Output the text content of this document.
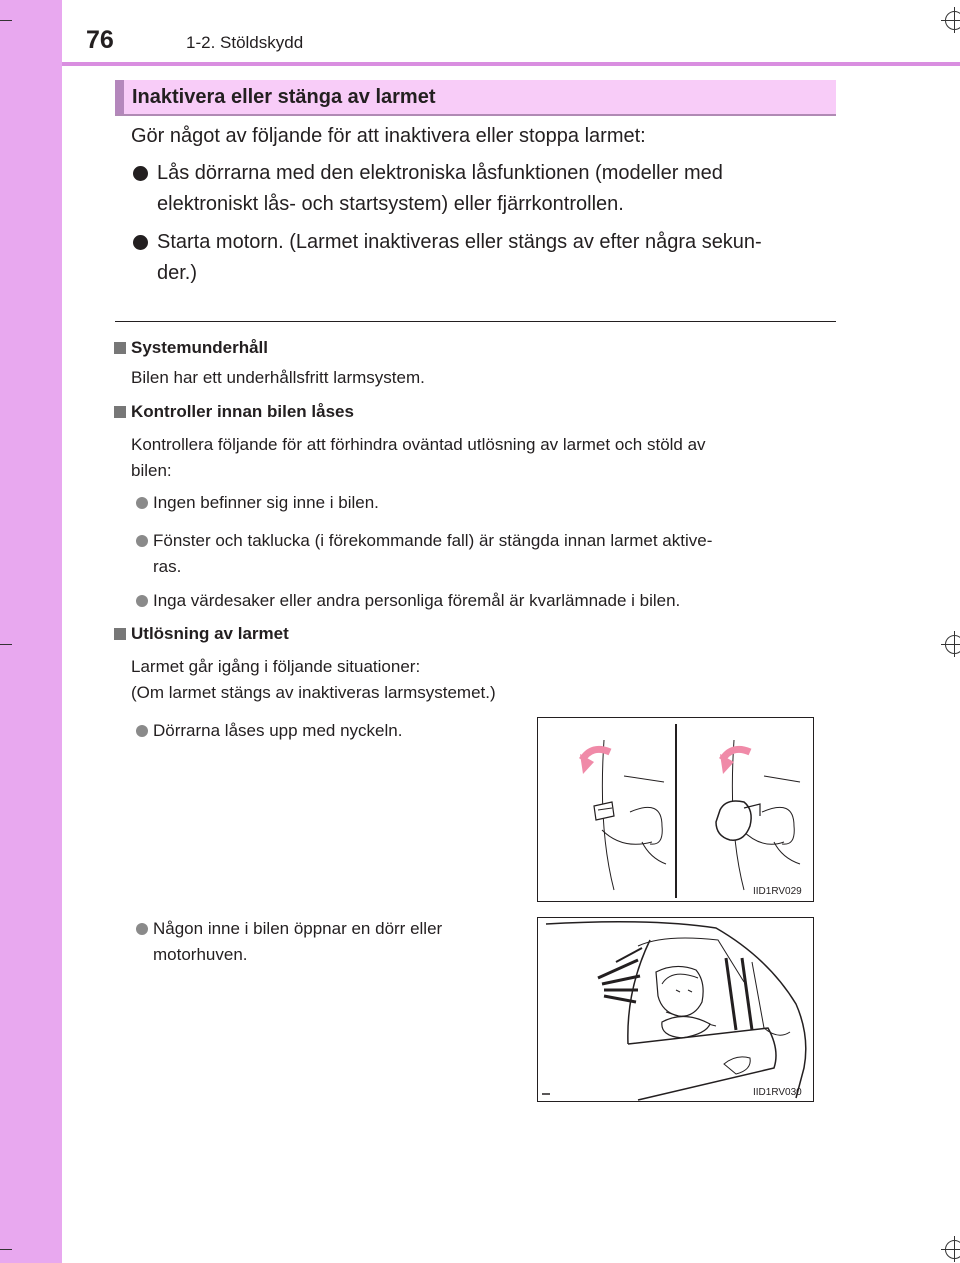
76	1-2. Stöldskydd
Inaktivera eller stänga av larmet
Gör något av följande för att inaktivera eller stoppa larmet:
Lås dörrarna med den elektroniska låsfunktionen (modeller med
elektroniskt lås- och startsystem) eller fjärrkontrollen.
Starta motorn. (Larmet inaktiveras eller stängs av efter några sekun-
der.)
Systemunderhåll
Bilen har ett underhållsfritt larmsystem.
Kontroller innan bilen låses
Kontrollera följande för att förhindra oväntad utlösning av larmet och stöld av
bilen:
Ingen befinner sig inne i bilen.
Fönster och taklucka (i förekommande fall) är stängda innan larmet aktive-
ras.
Inga värdesaker eller andra personliga föremål är kvarlämnade i bilen.
Utlösning av larmet
Larmet går igång i följande situationer:
(Om larmet stängs av inaktiveras larmsystemet.)
Dörrarna låses upp med nyckeln.
Någon inne i bilen öppnar en dörr eller
motorhuven.
IID1RV029
IID1RV030
